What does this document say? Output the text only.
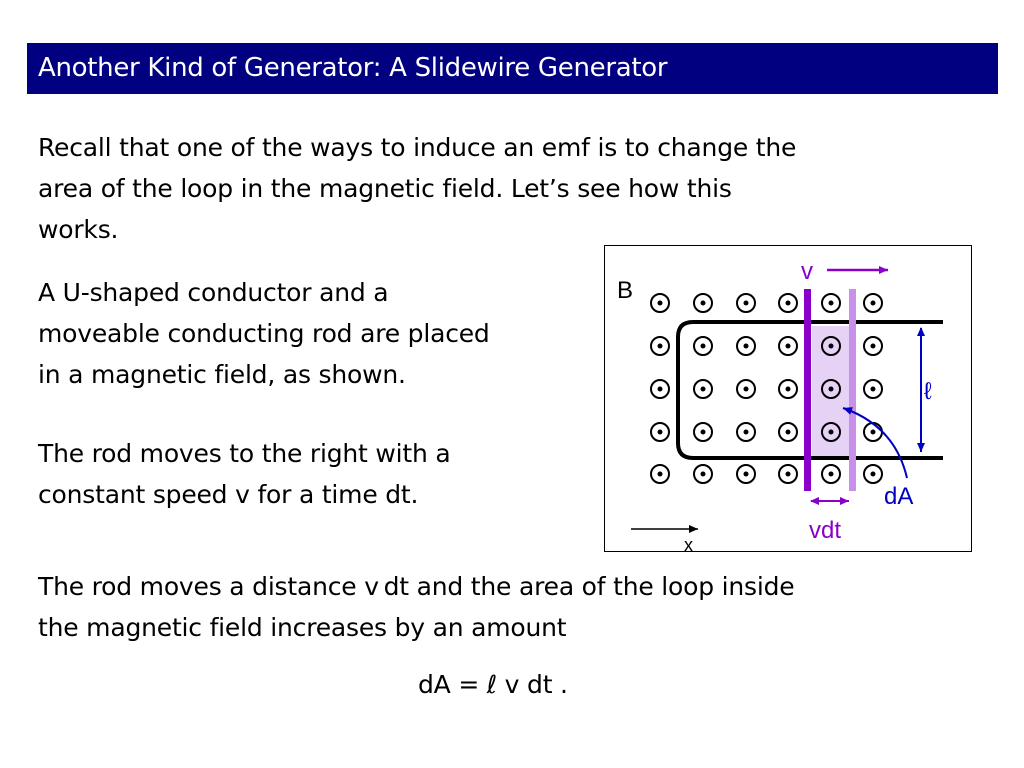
Another Kind of Generator: A Slidewire Generator
Recall that one of the ways to induce an emf is to change the
area of the loop in the magnetic field. Let’s see how this
works.
A U-shaped conductor and a
moveable conducting rod are placed
in a magnetic field, as shown.
The rod moves to the right with a
constant speed v for a time dt.
The rod moves a distance v dt and the area of the loop inside
the magnetic field increases by an amount
dA = ℓ v dt .
B
v
ℓ
dA
vdt
x
